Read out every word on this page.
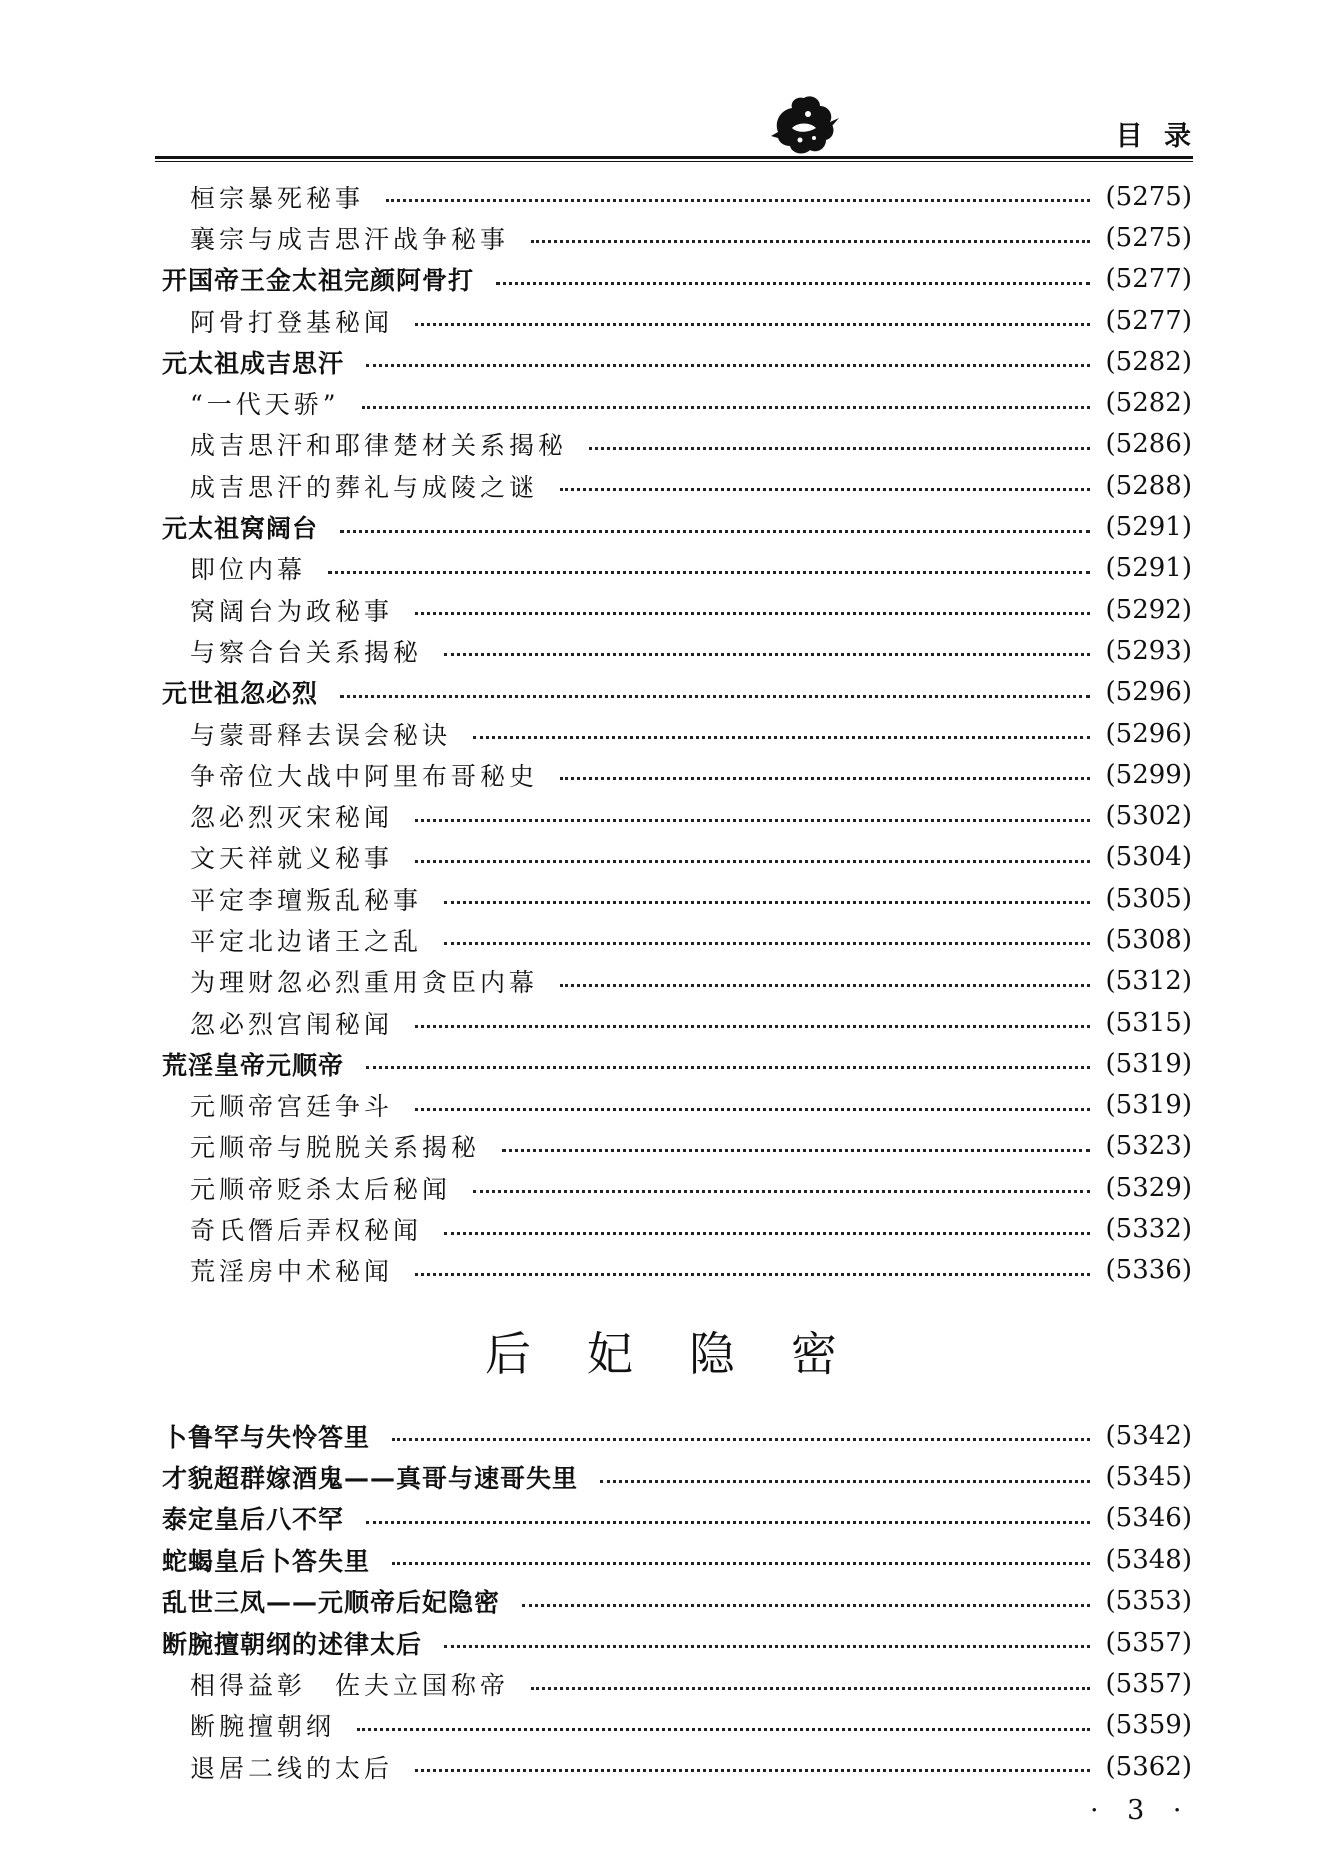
目 录
桓宗暴死秘事	(5275)
襄宗与成吉思汗战争秘事	(5275)
开国帝王金太祖完颜阿骨打	(5277)
阿骨打登基秘闻	(5277)
元太祖成吉思汗	(5282)
“一代天骄”	(5282)
成吉思汗和耶律楚材关系揭秘	(5286)
成吉思汗的葬礼与成陵之谜	(5288)
元太祖窝阔台	(5291)
即位内幕	(5291)
窝阔台为政秘事	(5292)
与察合台关系揭秘	(5293)
元世祖忽必烈	(5296)
与蒙哥释去误会秘诀	(5296)
争帝位大战中阿里布哥秘史	(5299)
忽必烈灭宋秘闻	(5302)
文天祥就义秘事	(5304)
平定李璮叛乱秘事	(5305)
平定北边诸王之乱	(5308)
为理财忽必烈重用贪臣内幕	(5312)
忽必烈宫闱秘闻	(5315)
荒淫皇帝元顺帝	(5319)
元顺帝宫廷争斗	(5319)
元顺帝与脱脱关系揭秘	(5323)
元顺帝贬杀太后秘闻	(5329)
奇氏僭后弄权秘闻	(5332)
荒淫房中术秘闻	(5336)
后妃隐密
卜鲁罕与失怜答里	(5342)
才貌超群嫁酒鬼——真哥与速哥失里	(5345)
泰定皇后八不罕	(5346)
蛇蝎皇后卜答失里	(5348)
乱世三凤——元顺帝后妃隐密	(5353)
断腕擅朝纲的述律太后	(5357)
相得益彰　佐夫立国称帝	(5357)
断腕擅朝纲	(5359)
退居二线的太后	(5362)
· 3 ·
